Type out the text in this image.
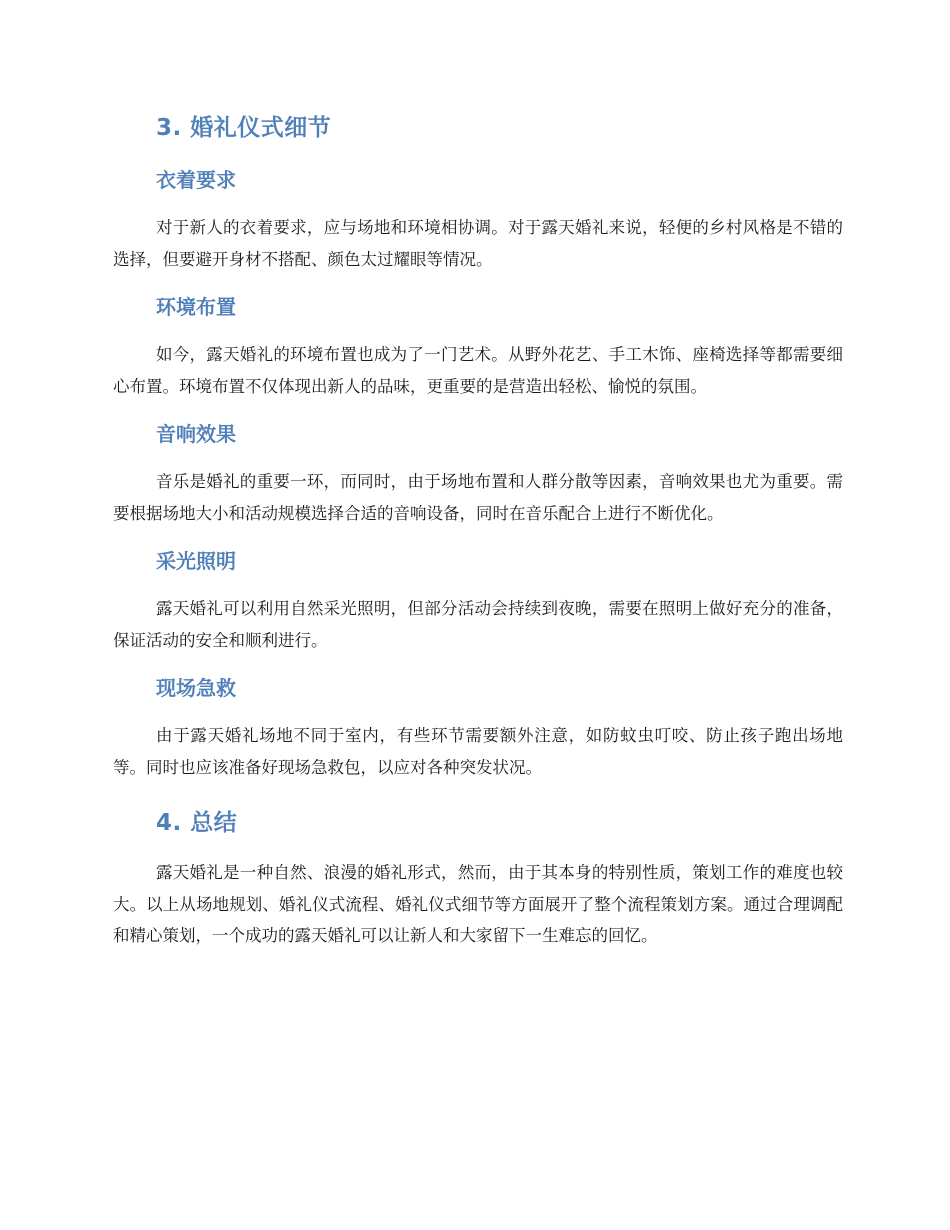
3. 婚礼仪式细节
衣着要求

对于新人的衣着要求，应与场地和环境相协调。对于露天婚礼来说，轻便的乡村风格是不错的选择，但要避开身材不搭配、颜色太过耀眼等情况。

环境布置

如今，露天婚礼的环境布置也成为了一门艺术。从野外花艺、手工木饰、座椅选择等都需要细心布置。环境布置不仅体现出新人的品味，更重要的是营造出轻松、愉悦的氛围。

音响效果

音乐是婚礼的重要一环，而同时，由于场地布置和人群分散等因素，音响效果也尤为重要。需要根据场地大小和活动规模选择合适的音响设备，同时在音乐配合上进行不断优化。

采光照明

露天婚礼可以利用自然采光照明，但部分活动会持续到夜晚，需要在照明上做好充分的准备，保证活动的安全和顺利进行。

现场急救

由于露天婚礼场地不同于室内，有些环节需要额外注意，如防蚊虫叮咬、防止孩子跑出场地等。同时也应该准备好现场急救包，以应对各种突发状况。

4. 总结

露天婚礼是一种自然、浪漫的婚礼形式，然而，由于其本身的特别性质，策划工作的难度也较大。以上从场地规划、婚礼仪式流程、婚礼仪式细节等方面展开了整个流程策划方案。通过合理调配和精心策划，一个成功的露天婚礼可以让新人和大家留下一生难忘的回忆。
